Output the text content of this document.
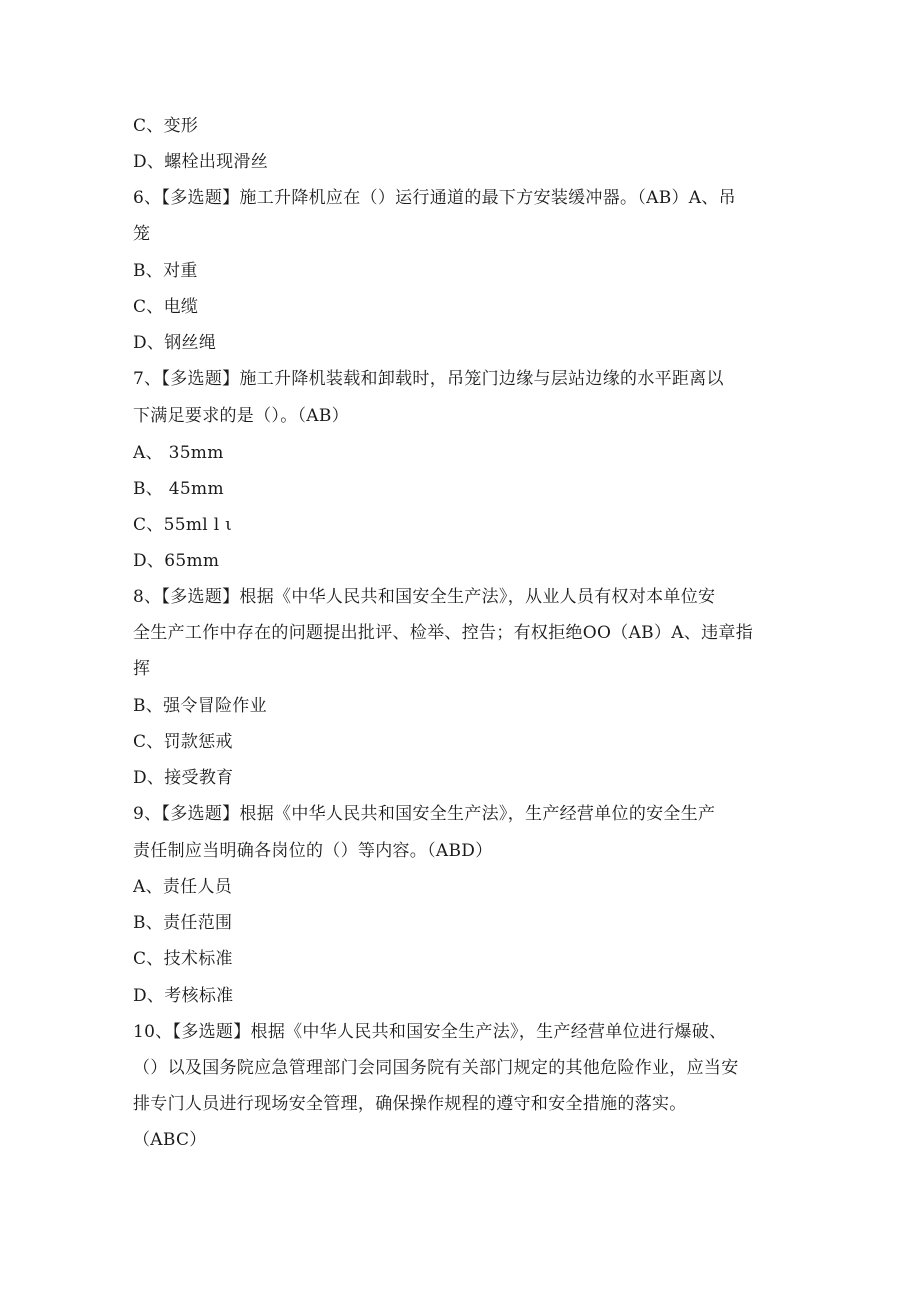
C、变形
D、螺栓出现滑丝
6、【多选题】施工升降机应在（）运行通道的最下方安装缓冲器。（AB）A、吊
笼
B、对重
C、电缆
D、钢丝绳
7、【多选题】施工升降机装载和卸载时，吊笼门边缘与层站边缘的水平距离以
下满足要求的是（）。（AB）
A、 35mm
B、 45mm
C、55ml l ι
D、65mm
8、【多选题】根据《中华人民共和国安全生产法》，从业人员有权对本单位安
全生产工作中存在的问题提出批评、检举、控告；有权拒绝OO（AB）A、违章指
挥
B、强令冒险作业
C、罚款惩戒
D、接受教育
9、【多选题】根据《中华人民共和国安全生产法》，生产经营单位的安全生产
责任制应当明确各岗位的（）等内容。（ABD）
A、责任人员
B、责任范围
C、技术标准
D、考核标准
10、【多选题】根据《中华人民共和国安全生产法》，生产经营单位进行爆破、
（）以及国务院应急管理部门会同国务院有关部门规定的其他危险作业，应当安
排专门人员进行现场安全管理，确保操作规程的遵守和安全措施的落实。
（ABC）
